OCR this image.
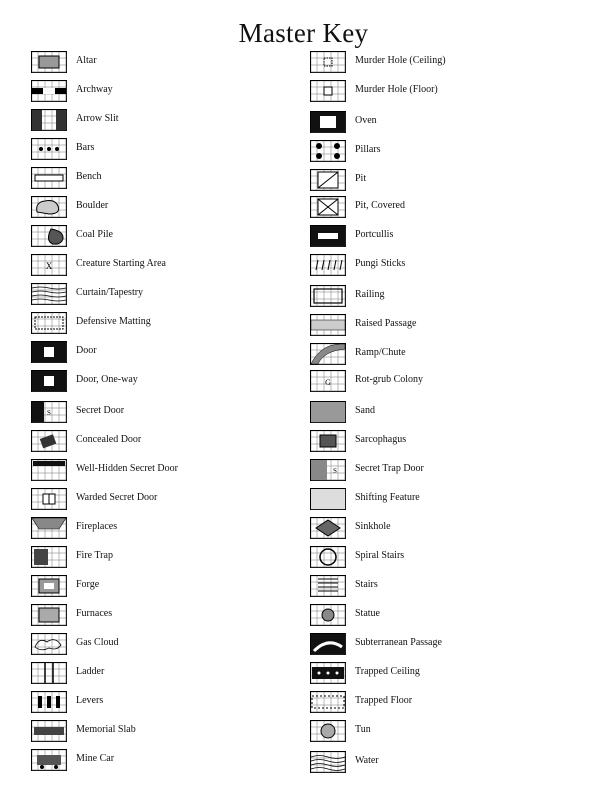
Master Key
Altar
Archway
Arrow Slit
Bars
Bench
Boulder
Coal Pile
X Creature Starting Area
Curtain/Tapestry
Defensive Matting
Door
Door, One-way
S	Secret Door
Concealed Door
Well-Hidden Secret Door
Warded Secret Door
Fireplaces
Fire Trap
Forge
Furnaces
Gas Cloud
Ladder
Levers
Memorial Slab
Mine Car
Murder Hole (Ceiling)
Murder Hole (Floor)
Oven
Pillars
Pit
Pit, Covered
Portcullis
Pungi Sticks
Railing
Raised Passage
Ramp/Chute
G Rot-grub Colony
Sand
Sarcophagus
S Secret Trap Door
Shifting Feature
Sinkhole
Spiral Stairs
Stairs
Statue
Subterranean Passage
Trapped Ceiling
Trapped Floor
Tun
Water
